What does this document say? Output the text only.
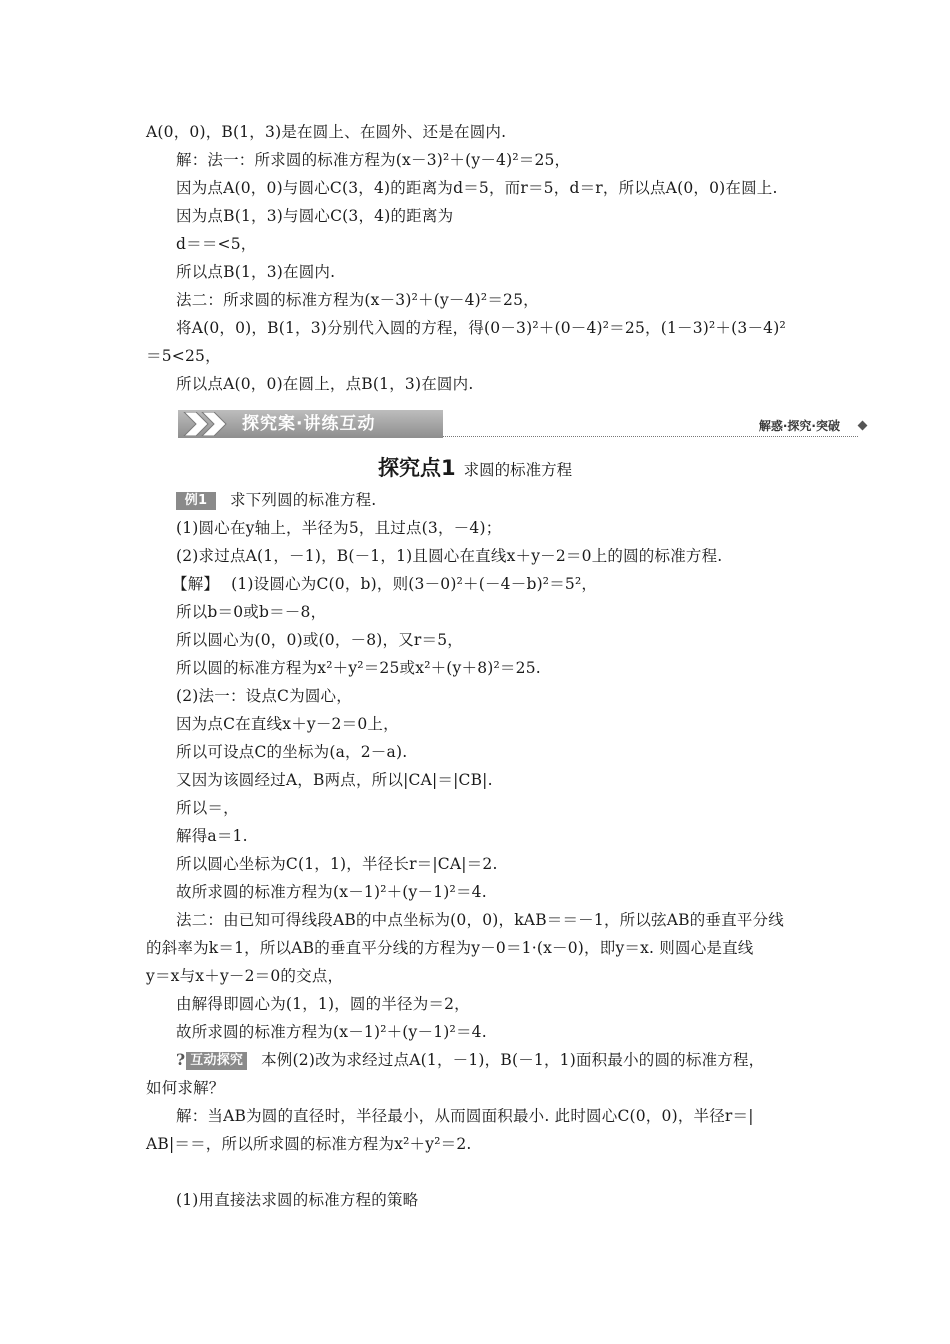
A(0，0)，B(1，3)是在圆上、在圆外、还是在圆内.
解：法一：所求圆的标准方程为(x－3)²＋(y－4)²＝25，
因为点A(0，0)与圆心C(3，4)的距离为d＝5，而r＝5，d＝r，所以点A(0，0)在圆上.
因为点B(1，3)与圆心C(3，4)的距离为
d＝＝<5，
所以点B(1，3)在圆内.
法二：所求圆的标准方程为(x－3)²＋(y－4)²＝25，
将A(0，0)，B(1，3)分别代入圆的方程，得(0－3)²＋(0－4)²＝25，(1－3)²＋(3－4)²
＝5<25，
所以点A(0，0)在圆上，点B(1，3)在圆内.
探究案·讲练互动	解惑·探究·突破
探究点1 求圆的标准方程
例1 求下列圆的标准方程.
(1)圆心在y轴上，半径为5，且过点(3，－4)；
(2)求过点A(1，－1)，B(－1，1)且圆心在直线x＋y－2＝0上的圆的标准方程.
【解】 (1)设圆心为C(0，b)，则(3－0)²＋(－4－b)²＝5²，
所以b＝0或b＝－8，
所以圆心为(0，0)或(0，－8)，又r＝5，
所以圆的标准方程为x²＋y²＝25或x²＋(y＋8)²＝25.
(2)法一：设点C为圆心，
因为点C在直线x＋y－2＝0上，
所以可设点C的坐标为(a，2－a).
又因为该圆经过A，B两点，所以|CA|＝|CB|.
所以＝，
解得a＝1.
所以圆心坐标为C(1，1)，半径长r＝|CA|＝2.
故所求圆的标准方程为(x－1)²＋(y－1)²＝4.
法二：由已知可得线段AB的中点坐标为(0，0)，kAB＝＝－1，所以弦AB的垂直平分线
的斜率为k＝1，所以AB的垂直平分线的方程为y－0＝1·(x－0)，即y＝x. 则圆心是直线
y＝x与x＋y－2＝0的交点，
由解得即圆心为(1，1)，圆的半径为＝2，
故所求圆的标准方程为(x－1)²＋(y－1)²＝4.
? 互动探究 本例(2)改为求经过点A(1，－1)，B(－1，1)面积最小的圆的标准方程，
如何求解？
解：当AB为圆的直径时，半径最小，从而圆面积最小. 此时圆心C(0，0)，半径r＝|
AB|＝＝，所以所求圆的标准方程为x²＋y²＝2.
(1)用直接法求圆的标准方程的策略
